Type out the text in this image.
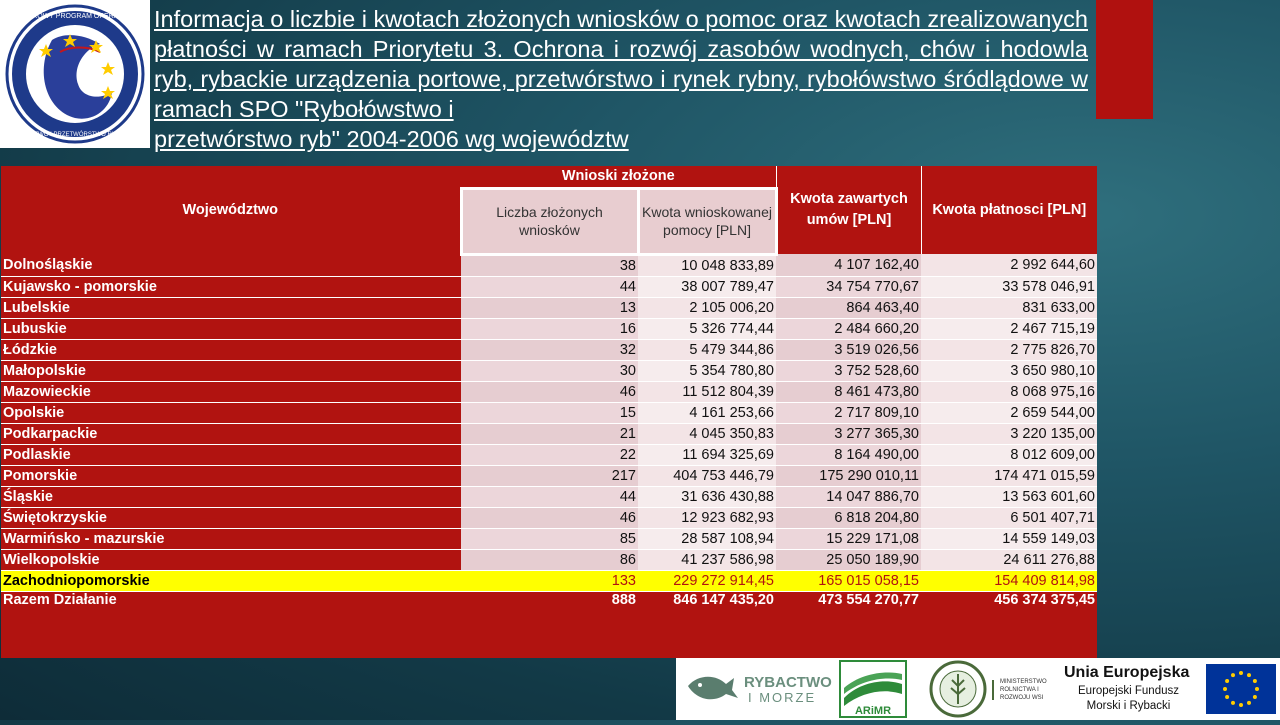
SEKTOROWY PROGRAM OPERACYJNY
RYBOŁÓWSTWO I PRZETWÓRSTWO RYB 2004-2006
Informacja o liczbie i kwotach złożonych wniosków o pomoc oraz kwotach zrealizowanych płatności w ramach Priorytetu 3. Ochrona i rozwój zasobów wodnych, chów i hodowla ryb, rybackie urządzenia portowe, przetwórstwo i rynek rybny, rybołówstwo śródlądowe w ramach SPO "Rybołówstwo i
przetwórstwo ryb" 2004-2006 wg województw
Województwo	Wnioski złożone		Kwota zawartych umów [PLN]	Kwota płatnosci [PLN]
	Liczba złożonych wniosków	Kwota wnioskowanej pomocy [PLN]		
Dolnośląskie	38	10 048 833,89	4 107 162,40	2 992 644,60
Kujawsko - pomorskie	44	38 007 789,47	34 754 770,67	33 578 046,91
Lubelskie	13	2 105 006,20	864 463,40	831 633,00
Lubuskie	16	5 326 774,44	2 484 660,20	2 467 715,19
Łódzkie	32	5 479 344,86	3 519 026,56	2 775 826,70
Małopolskie	30	5 354 780,80	3 752 528,60	3 650 980,10
Mazowieckie	46	11 512 804,39	8 461 473,80	8 068 975,16
Opolskie	15	4 161 253,66	2 717 809,10	2 659 544,00
Podkarpackie	21	4 045 350,83	3 277 365,30	3 220 135,00
Podlaskie	22	11 694 325,69	8 164 490,00	8 012 609,00
Pomorskie	217	404 753 446,79	175 290 010,11	174 471 015,59
Śląskie	44	31 636 430,88	14 047 886,70	13 563 601,60
Świętokrzyskie	46	12 923 682,93	6 818 204,80	6 501 407,71
Warmińsko - mazurskie	85	28 587 108,94	15 229 171,08	14 559 149,03
Wielkopolskie	86	41 237 586,98	25 050 189,90	24 611 276,88
Zachodniopomorskie	133	229 272 914,45	165 015 058,15	154 409 814,98
Razem Działanie	888	846 147 435,20	473 554 270,77	456 374 375,45
RYBACTWO
I MORZE
ARiMR
MINISTERSTWO ROLNICTWA I ROZWOJU WSI
Unia Europejska
Europejski Fundusz Morski i Rybacki
